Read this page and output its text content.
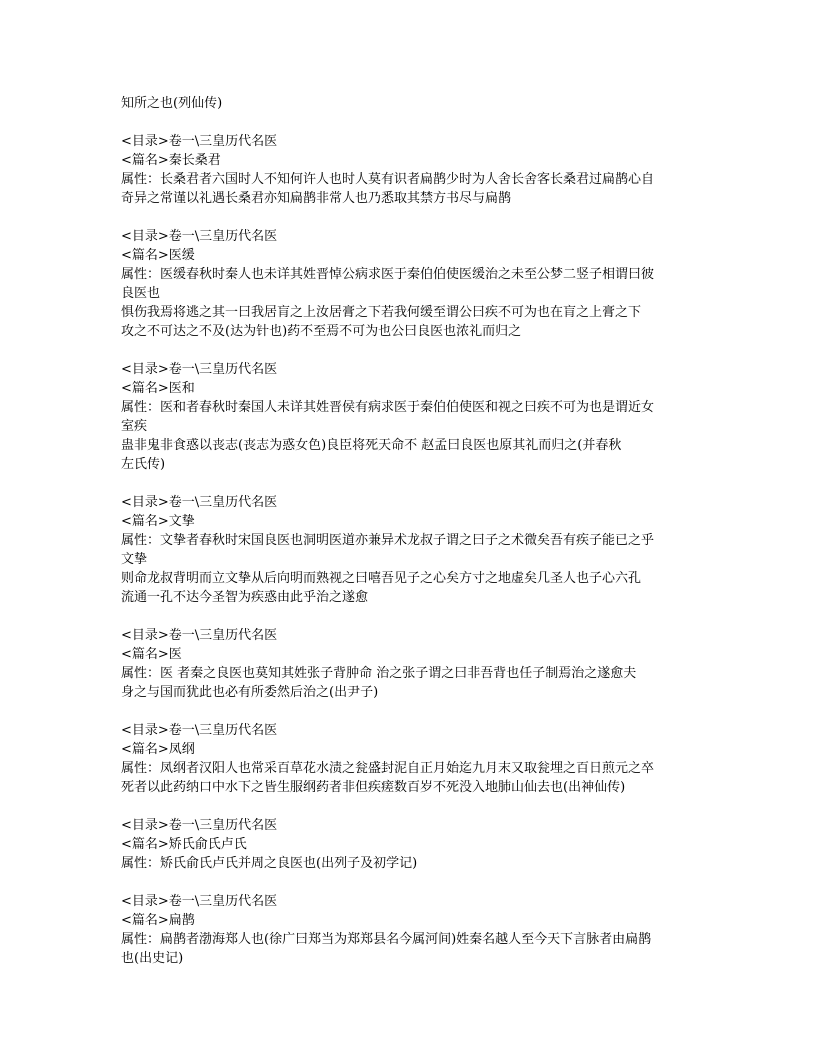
知所之也(列仙传)
<目录>卷一\三皇历代名医
<篇名>秦长桑君
属性：长桑君者六国时人不知何许人也时人莫有识者扁鹊少时为人舍长舍客长桑君过扁鹊心自
奇异之常谨以礼遇长桑君亦知扁鹊非常人也乃悉取其禁方书尽与扁鹊
<目录>卷一\三皇历代名医
<篇名>医缓
属性：医缓春秋时秦人也未详其姓晋悼公病求医于秦伯伯使医缓治之未至公梦二竖子相谓曰彼
良医也
惧伤我焉将逃之其一曰我居肓之上汝居膏之下若我何缓至谓公曰疾不可为也在肓之上膏之下
攻之不可达之不及(达为针也)药不至焉不可为也公曰良医也浓礼而归之
<目录>卷一\三皇历代名医
<篇名>医和
属性：医和者春秋时秦国人未详其姓晋侯有病求医于秦伯伯使医和视之曰疾不可为也是谓近女
室疾
蛊非鬼非食惑以丧志(丧志为惑女色)良臣将死天命不 赵孟曰良医也原其礼而归之(并春秋
左氏传)
<目录>卷一\三皇历代名医
<篇名>文挚
属性：文挚者春秋时宋国良医也洞明医道亦兼异术龙叔子谓之曰子之术微矣吾有疾子能已之乎
文挚
则命龙叔背明而立文挚从后向明而熟视之曰嘻吾见子之心矣方寸之地虚矣几圣人也子心六孔
流通一孔不达今圣智为疾惑由此乎治之遂愈
<目录>卷一\三皇历代名医
<篇名>医
属性：医 者秦之良医也莫知其姓张子背肿命 治之张子谓之曰非吾背也任子制焉治之遂愈夫
身之与国而犹此也必有所委然后治之(出尹子)
<目录>卷一\三皇历代名医
<篇名>凤纲
属性：凤纲者汉阳人也常采百草花水渍之瓮盛封泥自正月始迄九月末又取瓮埋之百日煎元之卒
死者以此药纳口中水下之皆生服纲药者非但疾瘥数百岁不死没入地肺山仙去也(出神仙传)
<目录>卷一\三皇历代名医
<篇名>矫氏俞氏卢氏
属性：矫氏俞氏卢氏并周之良医也(出列子及初学记)
<目录>卷一\三皇历代名医
<篇名>扁鹊
属性：扁鹊者渤海郑人也(徐广曰郑当为郑郑县名今属河间)姓秦名越人至今天下言脉者由扁鹊
也(出史记)
